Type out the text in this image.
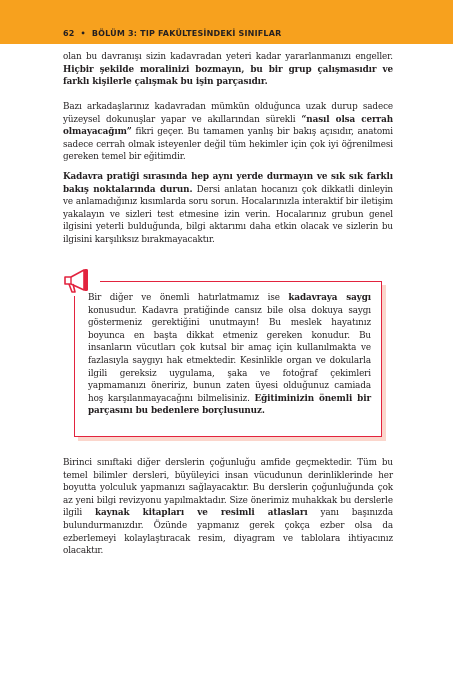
62 • BÖLÜM 3: TIP FAKÜLTESİNDEKİ SINIFLAR

olan bu davranışı sizin kadavradan yeteri kadar yararlanmanızı engeller. Hiçbir şekilde moralinizi bozmayın, bu bir grup çalışmasıdır ve farklı kişilerle çalışmak bu işin parçasıdır.

Bazı arkadaşlarınız kadavradan mümkün olduğunca uzak durup sadece yüzeysel dokunuşlar yapar ve akıllarından sürekli “nasıl olsa cerrah olmayacağım” fikri geçer. Bu tamamen yanlış bir bakış açısıdır, anatomi sadece cerrah olmak isteyenler değil tüm hekimler için çok iyi öğrenilmesi gereken temel bir eğitimdir.

Kadavra pratiği sırasında hep aynı yerde durmayın ve sık sık farklı bakış noktalarında durun. Dersi anlatan hocanızı çok dikkatli dinleyin ve anlamadığınız kısımlarda soru sorun. Hocalarınızla interaktif bir iletişim yakalayın ve sizleri test etmesine izin verin. Hocalarınız grubun genel ilgisini yeterli bulduğunda, bilgi aktarımı daha etkin olacak ve sizlerin bu ilgisini karşılıksız bırakmayacaktır.

Bir diğer ve önemli hatırlatmamız ise kadavraya saygı konusudur. Kadavra pratiğinde cansız bile olsa dokuya saygı göstermeniz gerektiğini unutmayın! Bu meslek hayatınız boyunca en başta dikkat etmeniz gereken konudur. Bu insanların vücutları çok kutsal bir amaç için kullanılmakta ve fazlasıyla saygıyı hak etmektedir. Kesinlikle organ ve dokularla ilgili gereksiz uygulama, şaka ve fotoğraf çekimleri yapmamanızı öneririz, bunun zaten üyesi olduğunuz camiada hoş karşılanmayacağını bilmelisiniz. Eğitiminizin önemli bir parçasını bu bedenlere borçlusunuz.

Birinci sınıftaki diğer derslerin çoğunluğu amfide geçmektedir. Tüm bu temel bilimler dersleri, büyüleyici insan vücudunun derinliklerinde her boyutta yolculuk yapmanızı sağlayacaktır. Bu derslerin çoğunluğunda çok az yeni bilgi revizyonu yapılmaktadır. Size önerimiz muhakkak bu derslerle ilgili kaynak kitapları ve resimli atlasları yanı başınızda bulundurmanızdır. Özünde yapmanız gerek çokça ezber olsa da ezberlemeyi kolaylaştıracak resim, diyagram ve tablolara ihtiyacınız olacaktır.
